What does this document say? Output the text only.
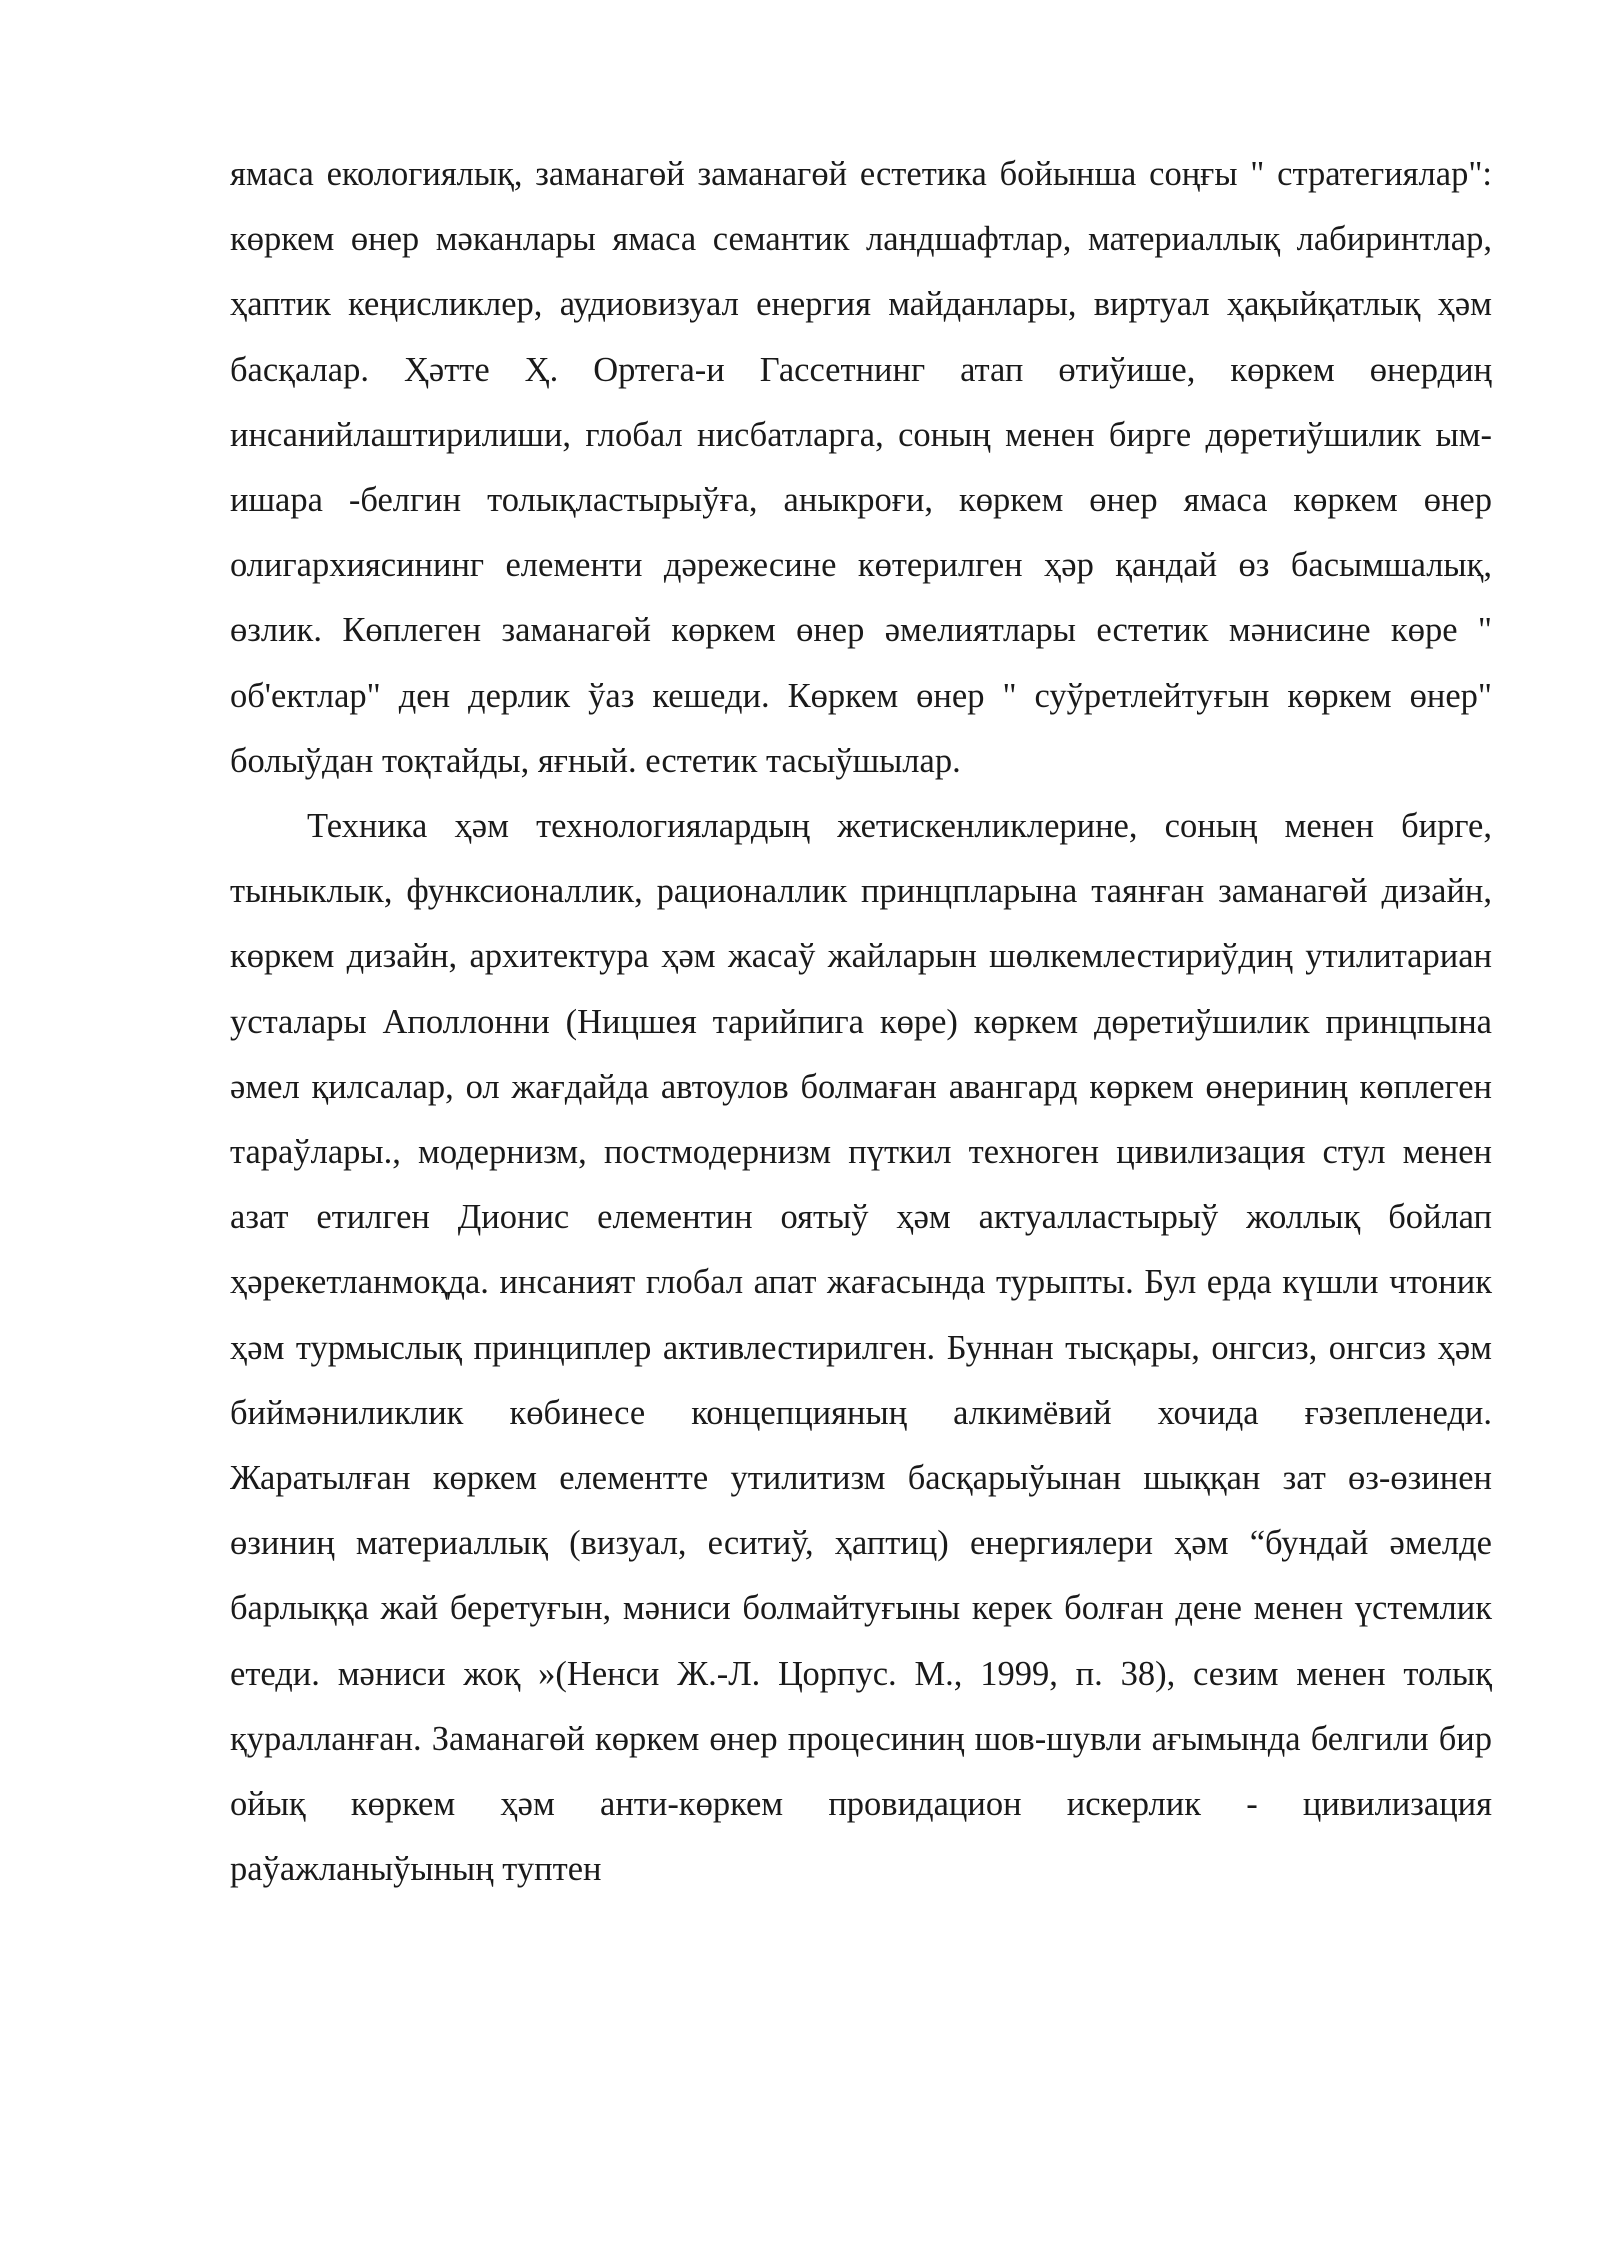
ямаса екологиялық, заманагөй заманагөй естетика бойынша соңғы " стратегиялар": көркем өнер мәканлары ямаса семантик ландшафтлар, материаллық лабиринтлар, ҳаптик кеңисликлер, аудиовизуал енергия майданлары, виртуал ҳақыйқатлық ҳәм басқалар. Ҳәтте Ҳ. Ортега-и Гассетнинг атап өтиўише, көркем өнердиң инсанийлаштирилиши, глобал нисбатларга, соның менен бирге дөретиўшилик ым-ишара -белгин толықластырыўға, аныкроғи, көркем өнер ямаса көркем өнер олигархиясининг елементи дәрежесине көтерилген ҳәр қандай өз басымшалық, өзлик. Көплеген заманагөй көркем өнер әмелиятлары естетик мәнисине көре " об'ектлар" ден дерлик ўаз кешеди. Көркем өнер " суўретлейтуғын көркем өнер" болыўдан тоқтайды, яғный. естетик тасыўшылар.

Техника ҳәм технологиялардың жетискенликлерине, соның менен бирге, тыныклык, функсионаллик, рационаллик принцпларына таянған заманагөй дизайн, көркем дизайн, архитектура ҳәм жасаў жайларын шөлкемлестириўдиң утилитариан усталары Аполлонни (Ницшея тарийпига көре) көркем дөретиўшилик принцпына әмел қилсалар, ол жағдайда автоулов болмаған авангард көркем өнериниң көплеген тараўлары., модернизм, постмодернизм пүткил техноген цивилизация стул менен азат етилген Дионис елементин оятыў ҳәм актуалластырыў жоллық бойлап ҳәрекетланмоқда. инсаният глобал апат жағасында турыпты. Бул ерда күшли чтоник ҳәм турмыслық принциплер активлестирилген. Буннан тысқары, онгсиз, онгсиз ҳәм биймәниликлик көбинесе концепцияның алкимёвий хочида ғәзепленеди. Жаратылған көркем елементте утилитизм басқарыўынан шыққан зат өз-өзинен өзиниң материаллық (визуал, еситиў, ҳаптиц) енергиялери ҳәм “бундай әмелде барлыққа жай беретуғын, мәниси болмайтуғыны керек болған дене менен үстемлик етеди. мәниси жоқ »(Ненси Ж.-Л. Цорпус. М., 1999, п. 38), сезим менен толық қуралланған. Заманагөй көркем өнер процесиниң шов-шувли ағымында белгили бир ойық көркем ҳәм анти-көркем провидацион искерлик - цивилизация раўажланыўының туптен
